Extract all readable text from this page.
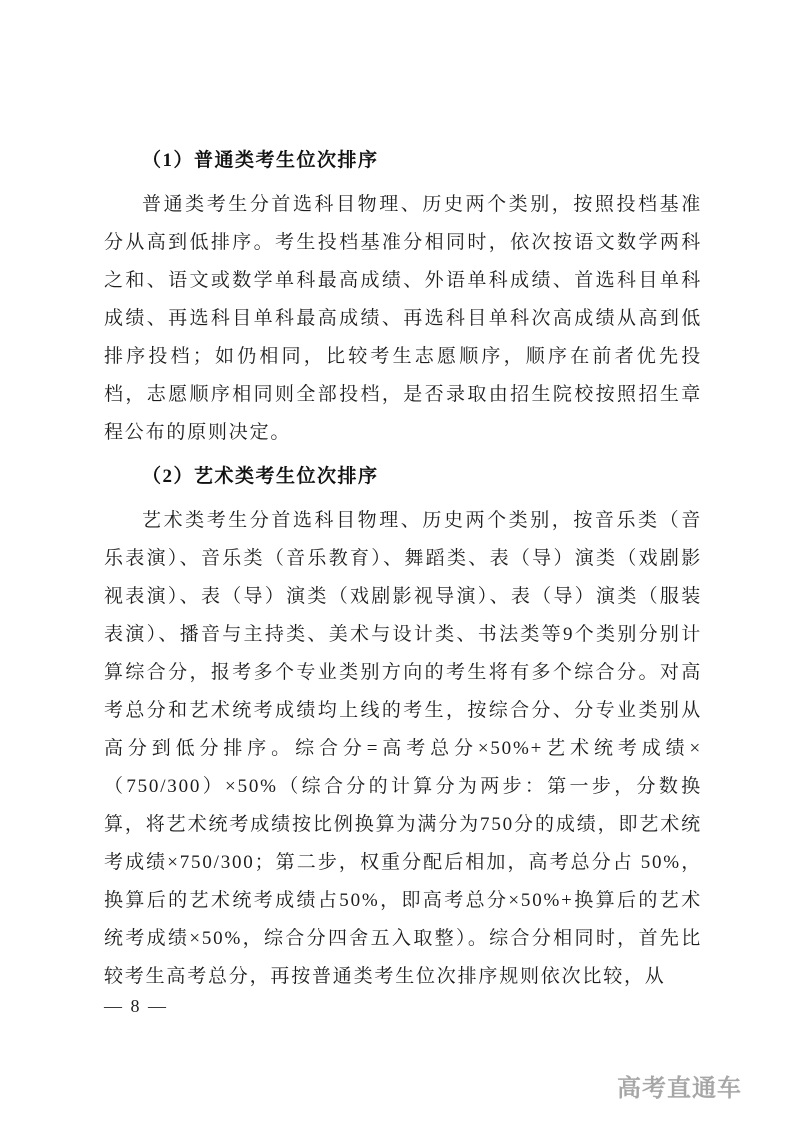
（1）普通类考生位次排序

普通类考生分首选科目物理、历史两个类别，按照投档基准分从高到低排序。考生投档基准分相同时，依次按语文数学两科之和、语文或数学单科最高成绩、外语单科成绩、首选科目单科成绩、再选科目单科最高成绩、再选科目单科次高成绩从高到低排序投档；如仍相同，比较考生志愿顺序，顺序在前者优先投档，志愿顺序相同则全部投档，是否录取由招生院校按照招生章程公布的原则决定。

（2）艺术类考生位次排序

艺术类考生分首选科目物理、历史两个类别，按音乐类（音乐表演）、音乐类（音乐教育）、舞蹈类、表（导）演类（戏剧影视表演）、表（导）演类（戏剧影视导演）、表（导）演类（服装表演）、播音与主持类、美术与设计类、书法类等9个类别分别计算综合分，报考多个专业类别方向的考生将有多个综合分。对高考总分和艺术统考成绩均上线的考生，按综合分、分专业类别从高分到低分排序。综合分=高考总分×50%+艺术统考成绩×（750/300）×50%（综合分的计算分为两步：第一步，分数换算，将艺术统考成绩按比例换算为满分为750分的成绩，即艺术统考成绩×750/300；第二步，权重分配后相加，高考总分占 50%，换算后的艺术统考成绩占50%，即高考总分×50%+换算后的艺术统考成绩×50%，综合分四舍五入取整）。综合分相同时，首先比较考生高考总分，再按普通类考生位次排序规则依次比较，从

— 8 —
高考直通车
